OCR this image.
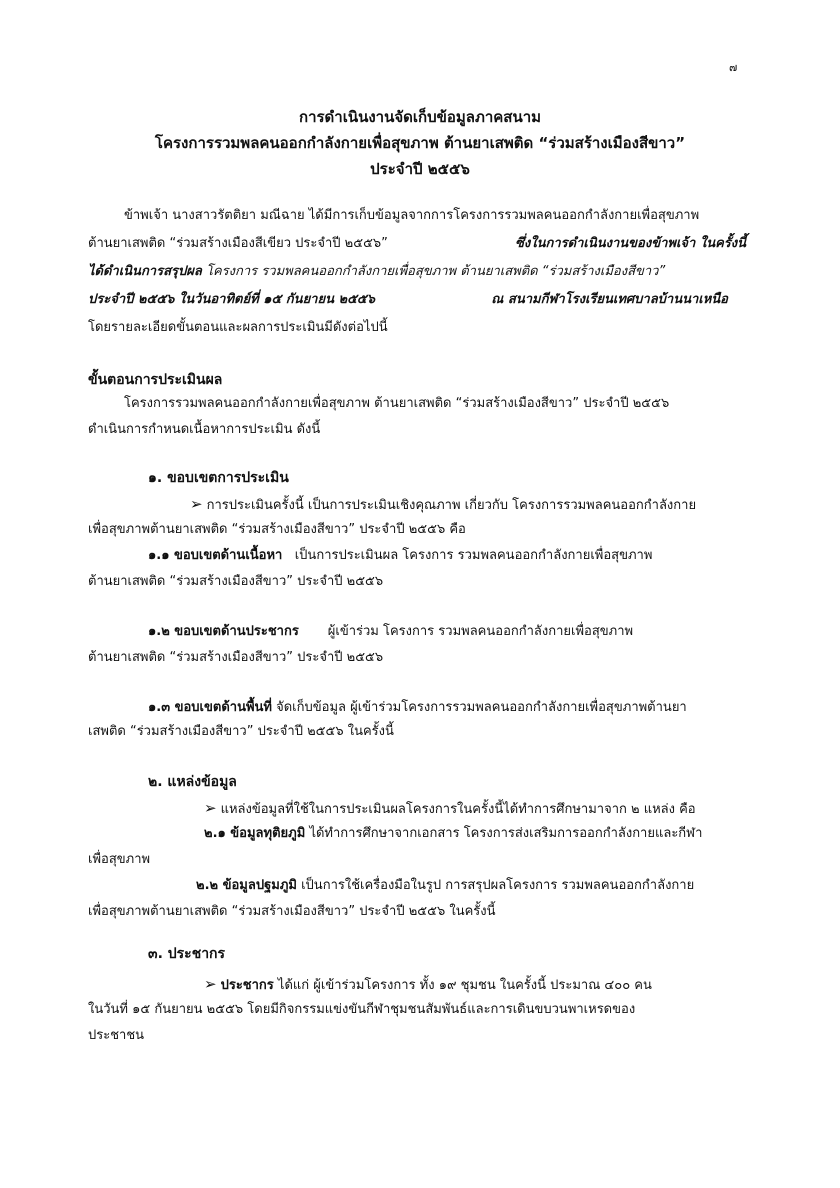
๗
การดำเนินงานจัดเก็บข้อมูลภาคสนาม
โครงการรวมพลคนออกกำลังกายเพื่อสุขภาพ ต้านยาเสพติด “ร่วมสร้างเมืองสีขาว”
ประจำปี ๒๕๕๖
ข้าพเจ้า นางสาวรัตติยา มณีฉาย ได้มีการเก็บข้อมูลจากการโครงการรวมพลคนออกกำลังกายเพื่อสุขภาพ
ต้านยาเสพติด “ร่วมสร้างเมืองสีเขียว ประจำปี ๒๕๕๖”	ซึ่งในการดำเนินงานของข้าพเจ้า ในครั้งนี้
ได้ดำเนินการสรุปผล โครงการ รวมพลคนออกกำลังกายเพื่อสุขภาพ ต้านยาเสพติด “ร่วมสร้างเมืองสีขาว”
ประจำปี ๒๕๕๖ ในวันอาทิตย์ที่ ๑๕ กันยายน ๒๕๕๖	ณ สนามกีฬาโรงเรียนเทศบาลบ้านนาเหนือ
โดยรายละเอียดขั้นตอนและผลการประเมินมีดังต่อไปนี้
ขั้นตอนการประเมินผล
โครงการรวมพลคนออกกำลังกายเพื่อสุขภาพ ต้านยาเสพติด “ร่วมสร้างเมืองสีขาว” ประจำปี ๒๕๕๖
ดำเนินการกำหนดเนื้อหาการประเมิน ดังนี้
๑. ขอบเขตการประเมิน
➢ การประเมินครั้งนี้ เป็นการประเมินเชิงคุณภาพ เกี่ยวกับ โครงการรวมพลคนออกกำลังกาย
เพื่อสุขภาพต้านยาเสพติด “ร่วมสร้างเมืองสีขาว” ประจำปี ๒๕๕๖ คือ
๑.๑ ขอบเขตด้านเนื้อหา เป็นการประเมินผล โครงการ รวมพลคนออกกำลังกายเพื่อสุขภาพ
ต้านยาเสพติด “ร่วมสร้างเมืองสีขาว” ประจำปี ๒๕๕๖
๑.๒ ขอบเขตด้านประชากร ผู้เข้าร่วม โครงการ รวมพลคนออกกำลังกายเพื่อสุขภาพ
ต้านยาเสพติด “ร่วมสร้างเมืองสีขาว” ประจำปี ๒๕๕๖
๑.๓ ขอบเขตด้านพื้นที่ จัดเก็บข้อมูล ผู้เข้าร่วมโครงการรวมพลคนออกกำลังกายเพื่อสุขภาพต้านยา
เสพติด “ร่วมสร้างเมืองสีขาว” ประจำปี ๒๕๕๖ ในครั้งนี้
๒. แหล่งข้อมูล
➢ แหล่งข้อมูลที่ใช้ในการประเมินผลโครงการในครั้งนี้ได้ทำการศึกษามาจาก ๒ แหล่ง คือ
๒.๑ ข้อมูลทุติยภูมิ ได้ทำการศึกษาจากเอกสาร โครงการส่งเสริมการออกกำลังกายและกีฬา
เพื่อสุขภาพ
๒.๒ ข้อมูลปฐมภูมิ เป็นการใช้เครื่องมือในรูป การสรุปผลโครงการ รวมพลคนออกกำลังกาย
เพื่อสุขภาพต้านยาเสพติด “ร่วมสร้างเมืองสีขาว” ประจำปี ๒๕๕๖ ในครั้งนี้
๓. ประชากร
➢ ประชากร ได้แก่ ผู้เข้าร่วมโครงการ ทั้ง ๑๙ ชุมชน ในครั้งนี้ ประมาณ ๔๐๐ คน
ในวันที่ ๑๕ กันยายน ๒๕๕๖ โดยมีกิจกรรมแข่งขันกีฬาชุมชนสัมพันธ์และการเดินขบวนพาเหรดของ
ประชาชน
